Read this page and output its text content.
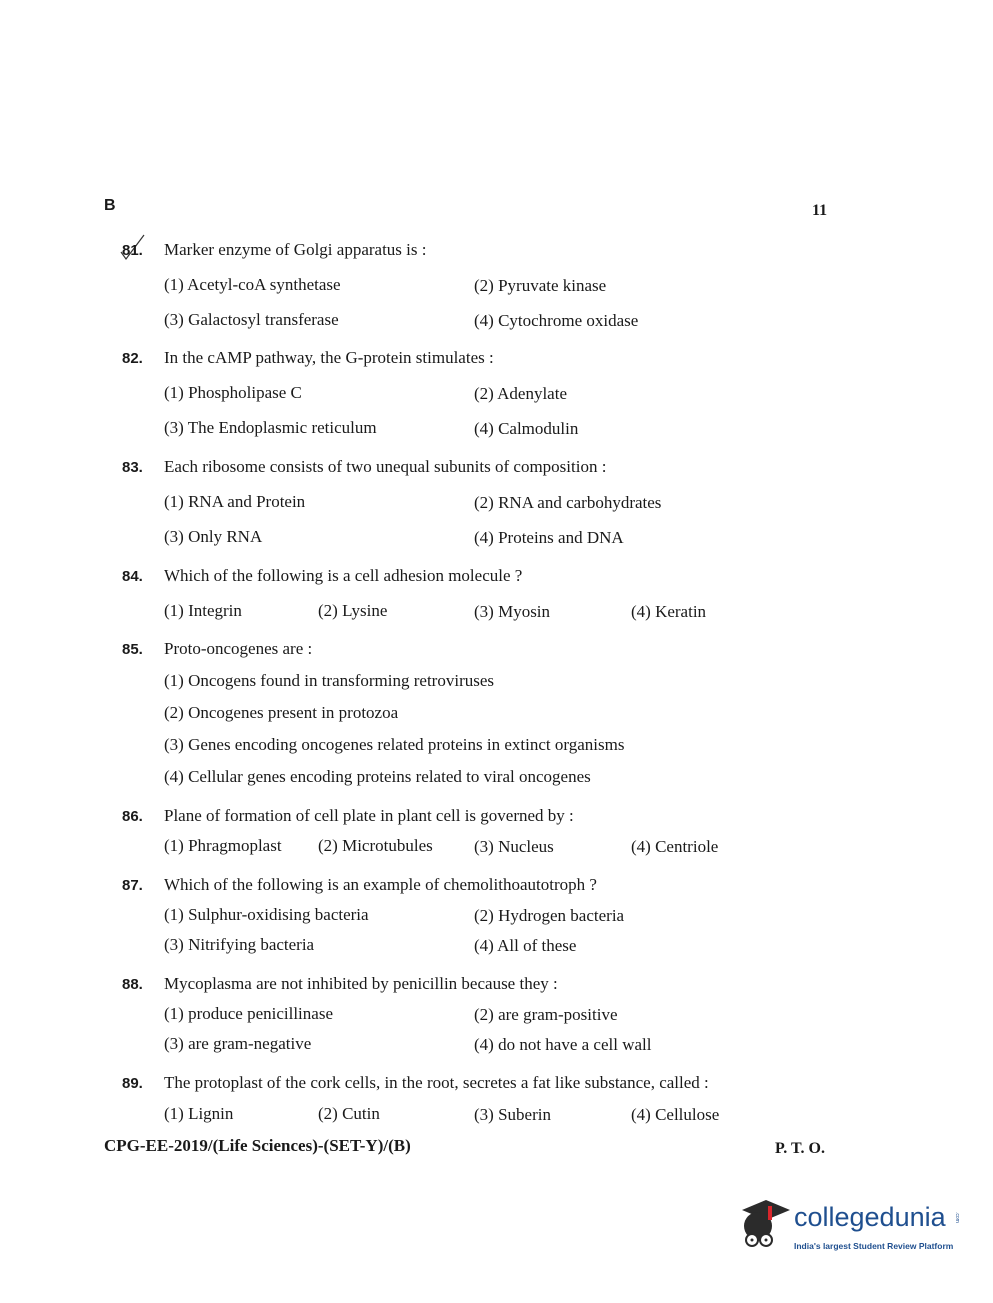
B	11
81.	Marker enzyme of Golgi apparatus is :
(1) Acetyl-coA synthetase	(2) Pyruvate kinase
(3) Galactosyl transferase	(4) Cytochrome oxidase
82.	In the cAMP pathway, the G-protein stimulates :
(1) Phospholipase C	(2) Adenylate
(3) The Endoplasmic reticulum	(4) Calmodulin
83.	Each ribosome consists of two unequal subunits of composition :
(1) RNA and Protein	(2) RNA and carbohydrates
(3) Only RNA	(4) Proteins and DNA
84.	Which of the following is a cell adhesion molecule ?
(1) Integrin	(2) Lysine	(3) Myosin	(4) Keratin
85.	Proto-oncogenes are :
(1) Oncogens found in transforming retroviruses
(2) Oncogenes present in protozoa
(3) Genes encoding oncogenes related proteins in extinct organisms
(4) Cellular genes encoding proteins related to viral oncogenes
86.	Plane of formation of cell plate in plant cell is governed by :
(1) Phragmoplast (2) Microtubules (3) Nucleus	(4) Centriole
87.	Which of the following is an example of chemolithoautotroph ?
(1) Sulphur-oxidising bacteria	(2) Hydrogen bacteria
(3) Nitrifying bacteria	(4) All of these
88.	Mycoplasma are not inhibited by penicillin because they :
(1) produce penicillinase	(2) are gram-positive
(3) are gram-negative	(4) do not have a cell wall
89.	The protoplast of the cork cells, in the root, secretes a fat like substance, called :
(1) Lignin	(2) Cutin	(3) Suberin	(4) Cellulose
CPG-EE-2019/(Life Sciences)-(SET-Y)/(B)	P. T. O.
collegedunia .com
India's largest Student Review Platform
